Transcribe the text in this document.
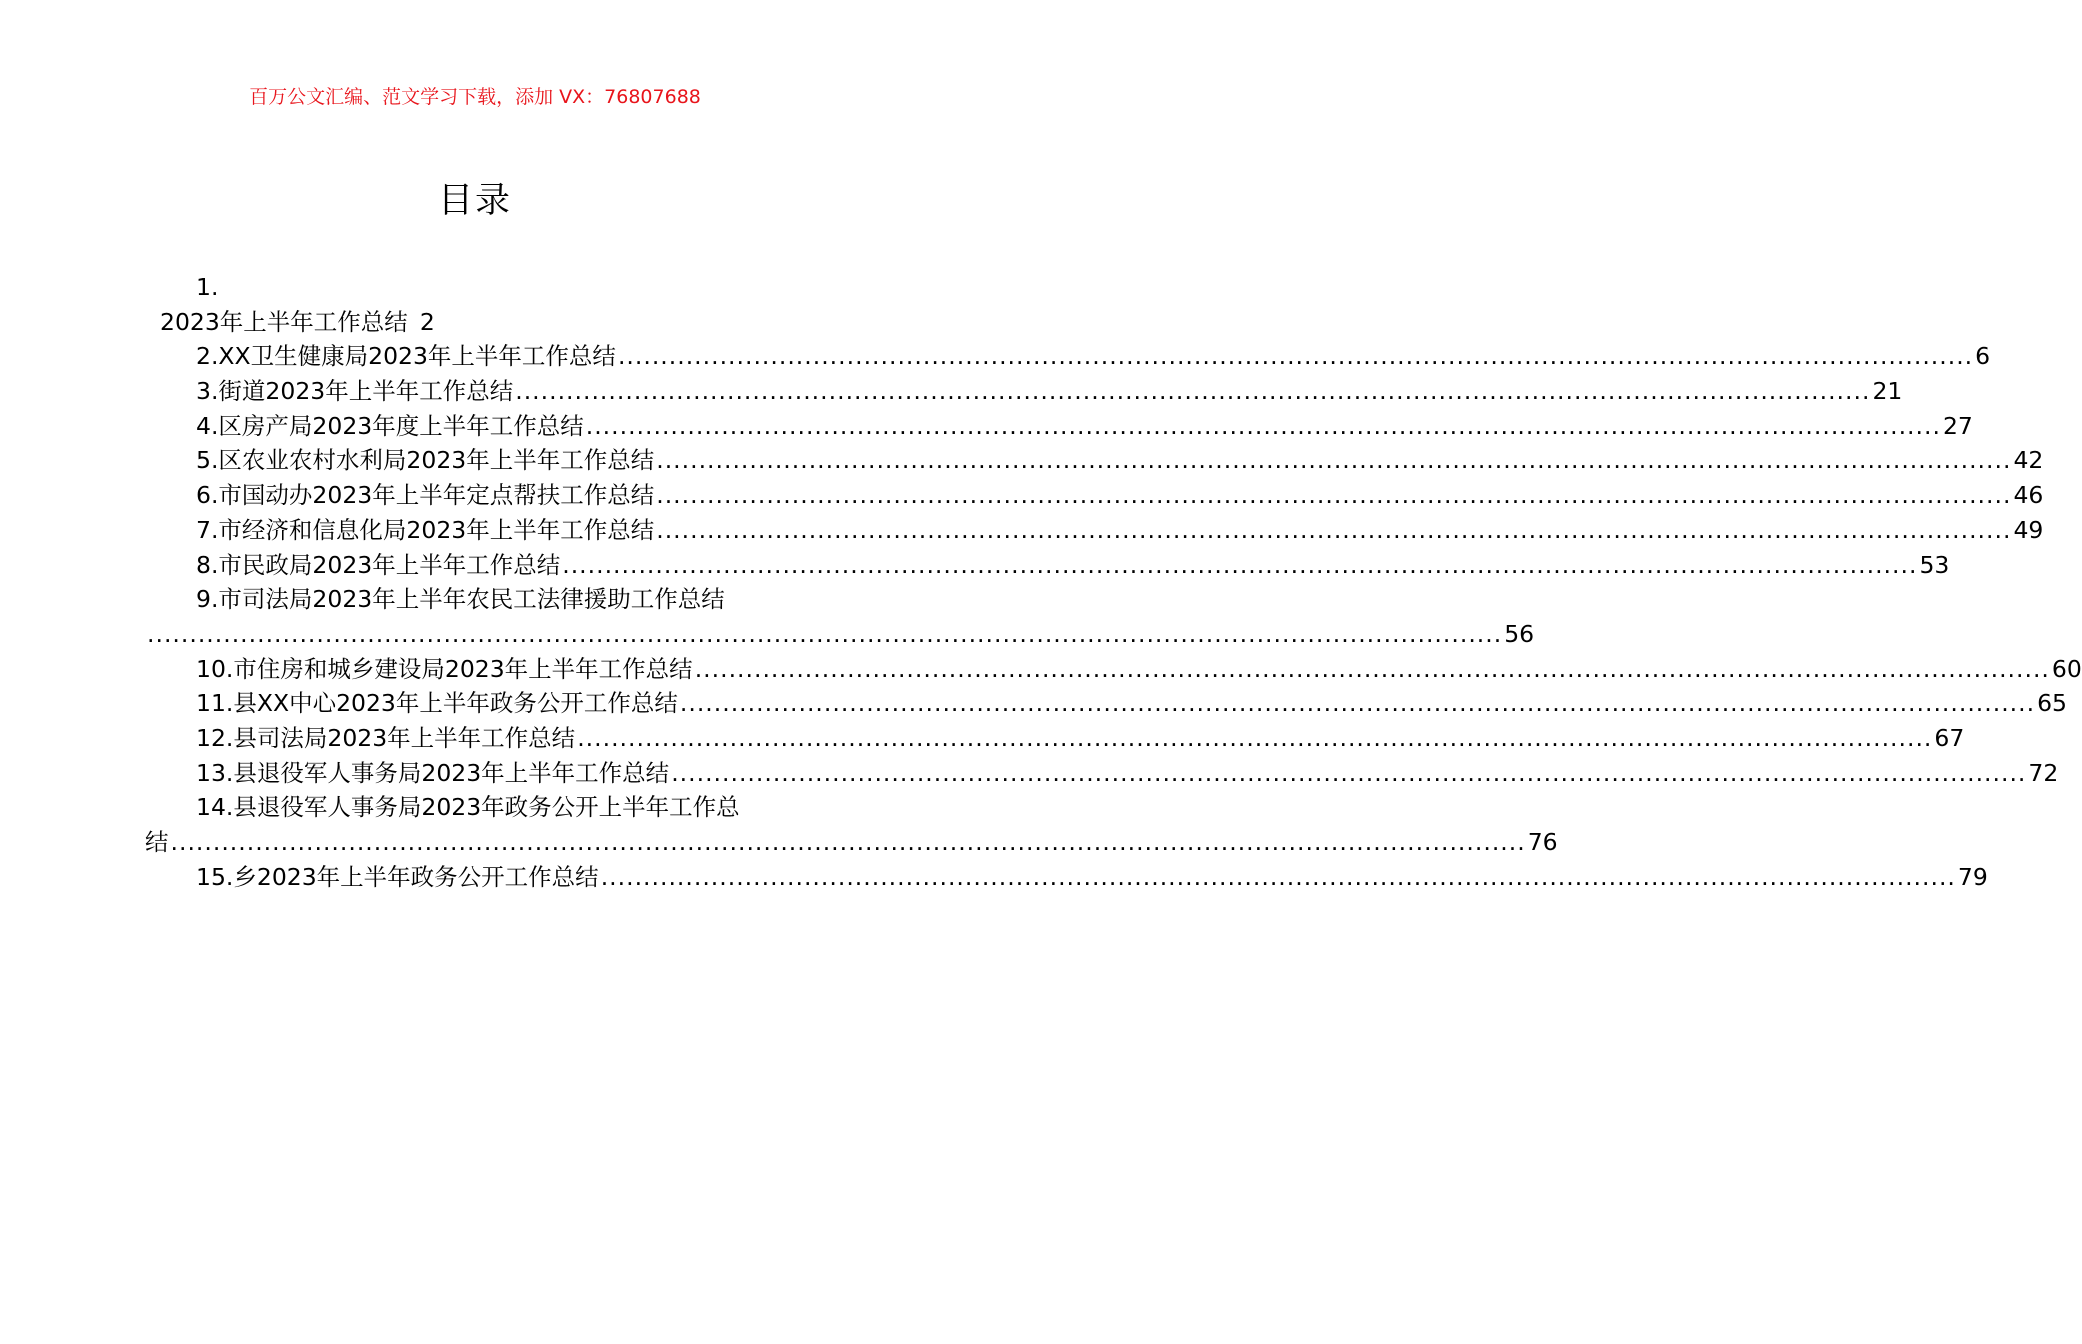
百万公文汇编、范文学习下载，添加 VX：76807688
目录
1.
2023年上半年工作总结 2
2.XX卫生健康局2023年上半年工作总结 ................................................................................................................................................................ 6
3.街道2023年上半年工作总结 ................................................................................................................................................................ 21
4.区房产局2023年度上半年工作总结 ................................................................................................................................................................ 27
5.区农业农村水利局2023年上半年工作总结 ................................................................................................................................................................ 42
6.市国动办2023年上半年定点帮扶工作总结 ................................................................................................................................................................ 46
7.市经济和信息化局2023年上半年工作总结 ................................................................................................................................................................ 49
8.市民政局2023年上半年工作总结 ................................................................................................................................................................ 53
9.市司法局2023年上半年农民工法律援助工作总结
................................................................................................................................................................ 56
10.市住房和城乡建设局2023年上半年工作总结 ................................................................................................................................................................ 60
11.县XX中心2023年上半年政务公开工作总结 ................................................................................................................................................................ 65
12.县司法局2023年上半年工作总结 ................................................................................................................................................................ 67
13.县退役军人事务局2023年上半年工作总结 ................................................................................................................................................................ 72
14.县退役军人事务局2023年政务公开上半年工作总
结 ................................................................................................................................................................ 76
15.乡2023年上半年政务公开工作总结 ................................................................................................................................................................ 79
